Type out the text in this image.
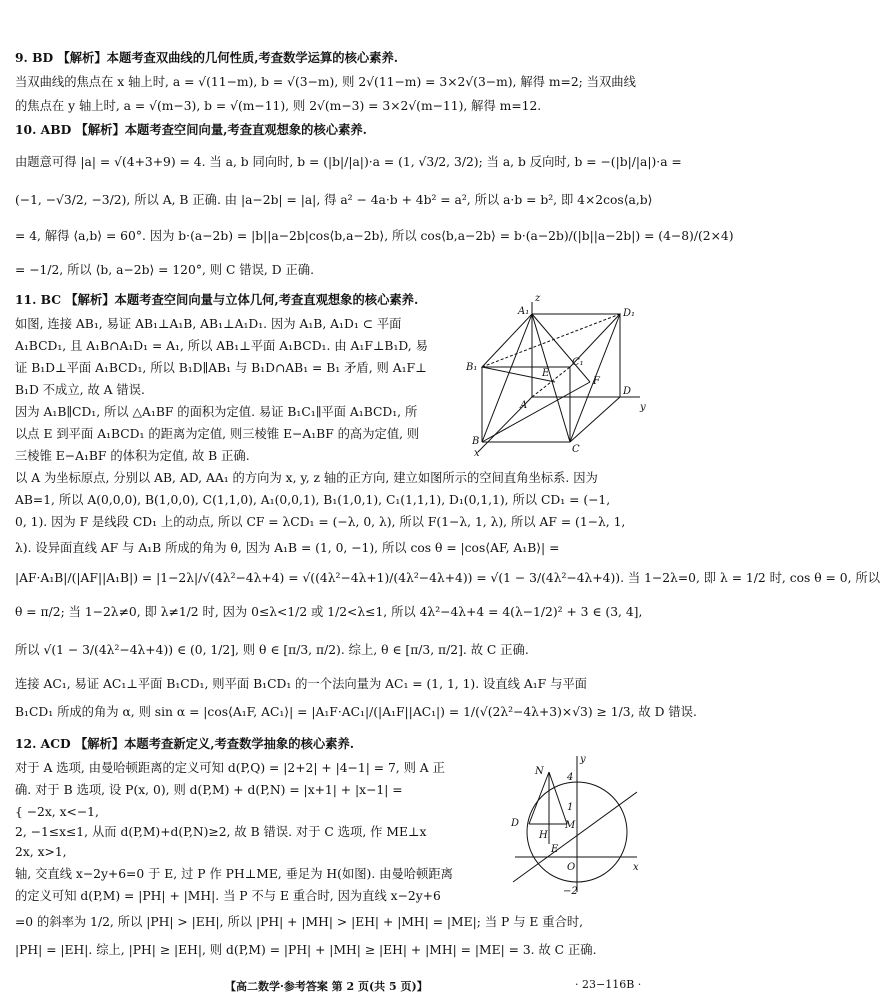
9. BD 【解析】本题考查双曲线的几何性质,考查数学运算的核心素养.
当双曲线的焦点在 x 轴上时, a = √(11−m), b = √(3−m), 则 2√(11−m) = 3×2√(3−m), 解得 m=2; 当双曲线
的焦点在 y 轴上时, a = √(m−3), b = √(m−11), 则 2√(m−3) = 3×2√(m−11), 解得 m=12.
10. ABD 【解析】本题考查空间向量,考查直观想象的核心素养.
由题意可得 |a| = √(4+3+9) = 4. 当 a, b 同向时, b = (|b|/|a|)·a = (1, √3/2, 3/2); 当 a, b 反向时, b = −(|b|/|a|)·a =
(−1, −√3/2, −3/2), 所以 A, B 正确. 由 |a−2b| = |a|, 得 a² − 4a·b + 4b² = a², 所以 a·b = b², 即 4×2cos⟨a,b⟩
= 4, 解得 ⟨a,b⟩ = 60°. 因为 b·(a−2b) = |b||a−2b|cos⟨b,a−2b⟩, 所以 cos⟨b,a−2b⟩ = b·(a−2b)/(|b||a−2b|) = (4−8)/(2×4)
= −1/2, 所以 ⟨b, a−2b⟩ = 120°, 则 C 错误, D 正确.
11. BC 【解析】本题考查空间向量与立体几何,考查直观想象的核心素养.
如图, 连接 AB₁, 易证 AB₁⊥A₁B, AB₁⊥A₁D₁. 因为 A₁B, A₁D₁ ⊂ 平面
A₁BCD₁, 且 A₁B∩A₁D₁ = A₁, 所以 AB₁⊥平面 A₁BCD₁. 由 A₁F⊥B₁D, 易
证 B₁D⊥平面 A₁BCD₁, 所以 B₁D∥AB₁ 与 B₁D∩AB₁ = B₁ 矛盾, 则 A₁F⊥
B₁D 不成立, 故 A 错误.
因为 A₁B∥CD₁, 所以 △A₁BF 的面积为定值. 易证 B₁C₁∥平面 A₁BCD₁, 所
以点 E 到平面 A₁BCD₁ 的距离为定值, 则三棱锥 E−A₁BF 的高为定值, 则
三棱锥 E−A₁BF 的体积为定值, 故 B 正确.
以 A 为坐标原点, 分别以 AB, AD, AA₁ 的方向为 x, y, z 轴的正方向, 建立如图所示的空间直角坐标系. 因为
AB=1, 所以 A(0,0,0), B(1,0,0), C(1,1,0), A₁(0,0,1), B₁(1,0,1), C₁(1,1,1), D₁(0,1,1), 所以 CD₁ = (−1,
0, 1). 因为 F 是线段 CD₁ 上的动点, 所以 CF = λCD₁ = (−λ, 0, λ), 所以 F(1−λ, 1, λ), 所以 AF = (1−λ, 1,
λ). 设异面直线 AF 与 A₁B 所成的角为 θ, 因为 A₁B = (1, 0, −1), 所以 cos θ = |cos⟨AF, A₁B⟩| =
|AF·A₁B|/(|AF||A₁B|) = |1−2λ|/√(4λ²−4λ+4) = √((4λ²−4λ+1)/(4λ²−4λ+4)) = √(1 − 3/(4λ²−4λ+4)). 当 1−2λ=0, 即 λ = 1/2 时, cos θ = 0, 所以
θ = π/2; 当 1−2λ≠0, 即 λ≠1/2 时, 因为 0≤λ<1/2 或 1/2<λ≤1, 所以 4λ²−4λ+4 = 4(λ−1/2)² + 3 ∈ (3, 4],
所以 √(1 − 3/(4λ²−4λ+4)) ∈ (0, 1/2], 则 θ ∈ [π/3, π/2). 综上, θ ∈ [π/3, π/2]. 故 C 正确.
连接 AC₁, 易证 AC₁⊥平面 B₁CD₁, 则平面 B₁CD₁ 的一个法向量为 AC₁ = (1, 1, 1). 设直线 A₁F 与平面
B₁CD₁ 所成的角为 α, 则 sin α = |cos⟨A₁F, AC₁⟩| = |A₁F·AC₁|/(|A₁F||AC₁|) = 1/(√(2λ²−4λ+3)×√3) ≥ 1/3, 故 D 错误.
12. ACD 【解析】本题考查新定义,考查数学抽象的核心素养.
对于 A 选项, 由曼哈顿距离的定义可知 d(P,Q) = |2+2| + |4−1| = 7, 则 A 正
确. 对于 B 选项, 设 P(x, 0), 则 d(P,M) + d(P,N) = |x+1| + |x−1| =
{ −2x, x<−1,
2, −1≤x≤1, 从而 d(P,M)+d(P,N)≥2, 故 B 错误. 对于 C 选项, 作 ME⊥x
2x, x>1,
轴, 交直线 x−2y+6=0 于 E, 过 P 作 PH⊥ME, 垂足为 H(如图). 由曼哈顿距离
的定义可知 d(P,M) = |PH| + |MH|. 当 P 不与 E 重合时, 因为直线 x−2y+6
=0 的斜率为 1/2, 所以 |PH| > |EH|, 所以 |PH| + |MH| > |EH| + |MH| = |ME|; 当 P 与 E 重合时,
|PH| = |EH|. 综上, |PH| ≥ |EH|, 则 d(P,M) = |PH| + |MH| ≥ |EH| + |MH| = |ME| = 3. 故 C 正确.
z
A₁	D₁
B₁	C₁
E
F
A
D
y
B
C
x
y
4
N
1
D
H
M
E
O	x
−2
【高二数学·参考答案 第 2 页(共 5 页)】	· 23−116B ·
